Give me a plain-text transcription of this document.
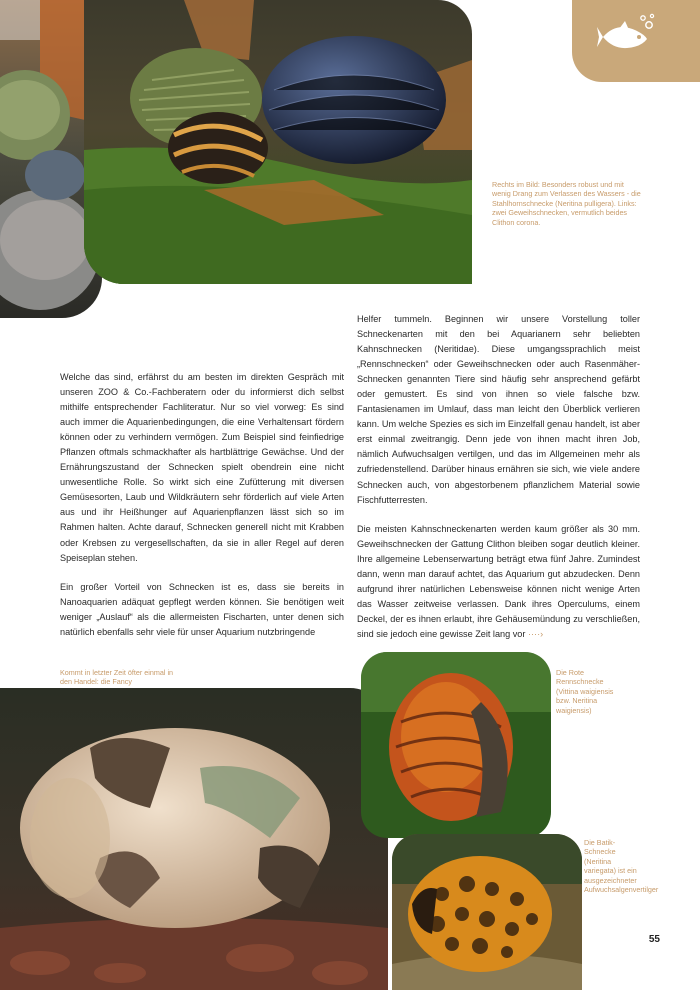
Rechts im Bild: Besonders robust und mit wenig Drang zum Verlassen des Wassers - die Stahlhornschnecke (Neritina pulligera). Links: zwei Geweihschnecken, vermutlich beides Clithon corona.

Welche das sind, erfährst du am besten im direkten Gespräch mit unseren ZOO & Co.-Fachberatern oder du informierst dich selbst mithilfe entsprechender Fachliteratur. Nur so viel vorweg: Es sind auch immer die Aquarienbedingungen, die eine Verhaltensart fördern können oder zu verhindern vermögen. Zum Beispiel sind feinfiedrige Pflanzen oftmals schmackhafter als hartblättrige Gewächse. Und der Ernährungszustand der Schnecken spielt obendrein eine nicht unwesentliche Rolle. So wirkt sich eine Zufütterung mit diversen Gemüsesorten, Laub und Wildkräutern sehr förderlich auf viele Arten aus und ihr Heißhunger auf Aquarienpflanzen lässt sich so im Rahmen halten. Achte darauf, Schnecken generell nicht mit Krabben oder Krebsen zu vergesellschaften, da sie in aller Regel auf deren Speiseplan stehen.

Ein großer Vorteil von Schnecken ist es, dass sie bereits in Nanoaquarien adäquat gepflegt werden können. Sie benötigen weit weniger „Auslauf“ als die allermeisten Fischarten, unter denen sich natürlich ebenfalls sehr viele für unser Aquarium nutzbringende

Helfer tummeln. Beginnen wir unsere Vorstellung toller Schneckenarten mit den bei Aquarianern sehr beliebten Kahnschnecken (Neritidae). Diese umgangssprachlich meist „Rennschnecken“ oder Geweihschnecken oder auch Rasenmäher-Schnecken genannten Tiere sind häufig sehr ansprechend gefärbt oder gemustert. Es sind von ihnen so viele falsche bzw. Fantasienamen im Umlauf, dass man leicht den Überblick verlieren kann. Um welche Spezies es sich im Einzelfall genau handelt, ist aber erst einmal zweitrangig. Denn jede von ihnen macht ihren Job, nämlich Aufwuchsalgen vertilgen, und das im Allgemeinen mehr als zufriedenstellend. Darüber hinaus ernähren sie sich, wie viele andere Schnecken auch, von abgestorbenem pflanzlichem Material sowie Fischfutterresten.

Die meisten Kahnschneckenarten werden kaum größer als 30 mm. Geweihschnecken der Gattung Clithon bleiben sogar deutlich kleiner. Ihre allgemeine Lebenserwartung beträgt etwa fünf Jahre. Zumindest dann, wenn man darauf achtet, das Aquarium gut abzudecken. Denn aufgrund ihrer natürlichen Lebensweise können nicht wenige Arten das Wasser zeitweise verlassen. Dank ihres Operculums, einem Deckel, der es ihnen erlaubt, ihre Gehäusemündung zu verschließen, sind sie jedoch eine gewisse Zeit lang vor ····›

Kommt in letzter Zeit öfter einmal in den Handel: die Fancy
Die Rote Rennschnecke (Vittina waigiensis bzw. Neritina waigiensis)
Die Batik-Schnecke (Neritina variegata) ist ein ausgezeichneter Aufwuchsalgenvertilger
55
